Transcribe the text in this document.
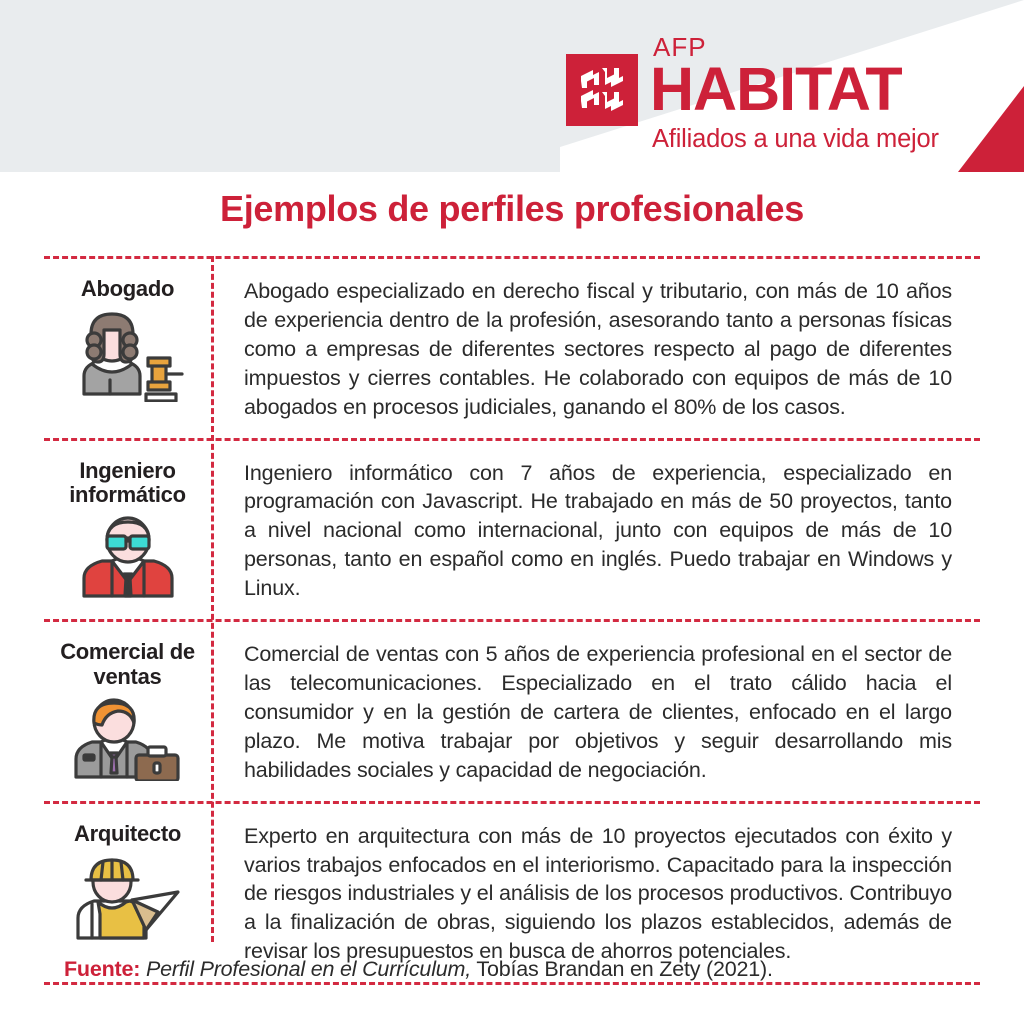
AFP
HABITAT
Afiliados a una vida mejor
Ejemplos de perfiles profesionales
Abogado	Abogado especializado en derecho fiscal y tributario, con más de 10 años de experiencia dentro de la profesión, asesorando tanto a personas físicas como a empresas de diferentes sectores respecto al pago de diferentes impuestos y cierres contables. He colaborado con equipos de más de 10 abogados en procesos judiciales, ganando el 80% de los casos.
Ingeniero informático
Ingeniero informático con 7 años de experiencia, especializado en programación con Javascript. He trabajado en más de 50 proyectos, tanto a nivel nacional como internacional, junto con equipos de más de 10 personas, tanto en español como en inglés. Puedo trabajar en Windows y Linux.
Comercial de ventas
Comercial de ventas con 5 años de experiencia profesional en el sector de las telecomunicaciones. Especializado en el trato cálido hacia el consumidor y en la gestión de cartera de clientes, enfocado en el largo plazo. Me motiva trabajar por objetivos y seguir desarrollando mis habilidades sociales y capacidad de negociación.
Arquitecto	Experto en arquitectura con más de 10 proyectos ejecutados con éxito y varios trabajos enfocados en el interiorismo. Capacitado para la inspección de riesgos industriales y el análisis de los procesos productivos. Contribuyo a la finalización de obras, siguiendo los plazos establecidos, además de revisar los presupuestos en busca de ahorros potenciales.
Fuente: Perfil Profesional en el Currículum, Tobías Brandan en Zety (2021).
